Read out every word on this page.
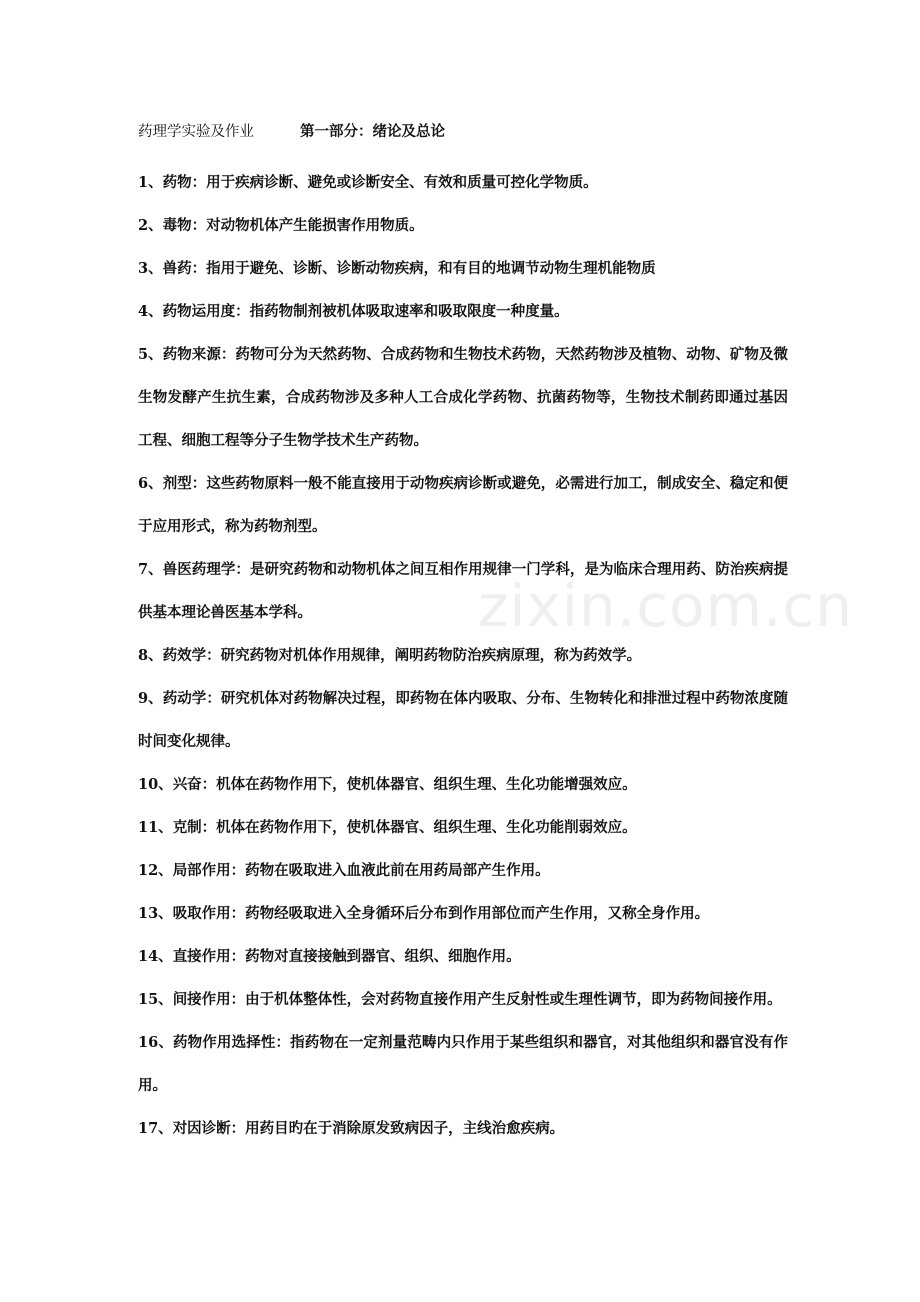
zixin.com.cn
药理学实验及作业	第一部分：绪论及总论

1、药物：用于疾病诊断、避免或诊断安全、有效和质量可控化学物质。

2、毒物：对动物机体产生能损害作用物质。

3、兽药：指用于避免、诊断、诊断动物疾病，和有目的地调节动物生理机能物质

4、药物运用度：指药物制剂被机体吸取速率和吸取限度一种度量。

5、药物来源：药物可分为天然药物、合成药物和生物技术药物，天然药物涉及植物、动物、矿物及微生物发酵产生抗生素，合成药物涉及多种人工合成化学药物、抗菌药物等，生物技术制药即通过基因工程、细胞工程等分子生物学技术生产药物。

6、剂型：这些药物原料一般不能直接用于动物疾病诊断或避免，必需进行加工，制成安全、稳定和便于应用形式，称为药物剂型。

7、兽医药理学：是研究药物和动物机体之间互相作用规律一门学科，是为临床合理用药、防治疾病提供基本理论兽医基本学科。

8、药效学：研究药物对机体作用规律，阐明药物防治疾病原理，称为药效学。

9、药动学：研究机体对药物解决过程，即药物在体内吸取、分布、生物转化和排泄过程中药物浓度随时间变化规律。

10、兴奋：机体在药物作用下，使机体器官、组织生理、生化功能增强效应。

11、克制：机体在药物作用下，使机体器官、组织生理、生化功能削弱效应。

12、局部作用：药物在吸取进入血液此前在用药局部产生作用。

13、吸取作用：药物经吸取进入全身循环后分布到作用部位而产生作用，又称全身作用。

14、直接作用：药物对直接接触到器官、组织、细胞作用。

15、间接作用：由于机体整体性，会对药物直接作用产生反射性或生理性调节，即为药物间接作用。

16、药物作用选择性：指药物在一定剂量范畴内只作用于某些组织和器官，对其他组织和器官没有作用。

17、对因诊断：用药目旳在于消除原发致病因子，主线治愈疾病。
